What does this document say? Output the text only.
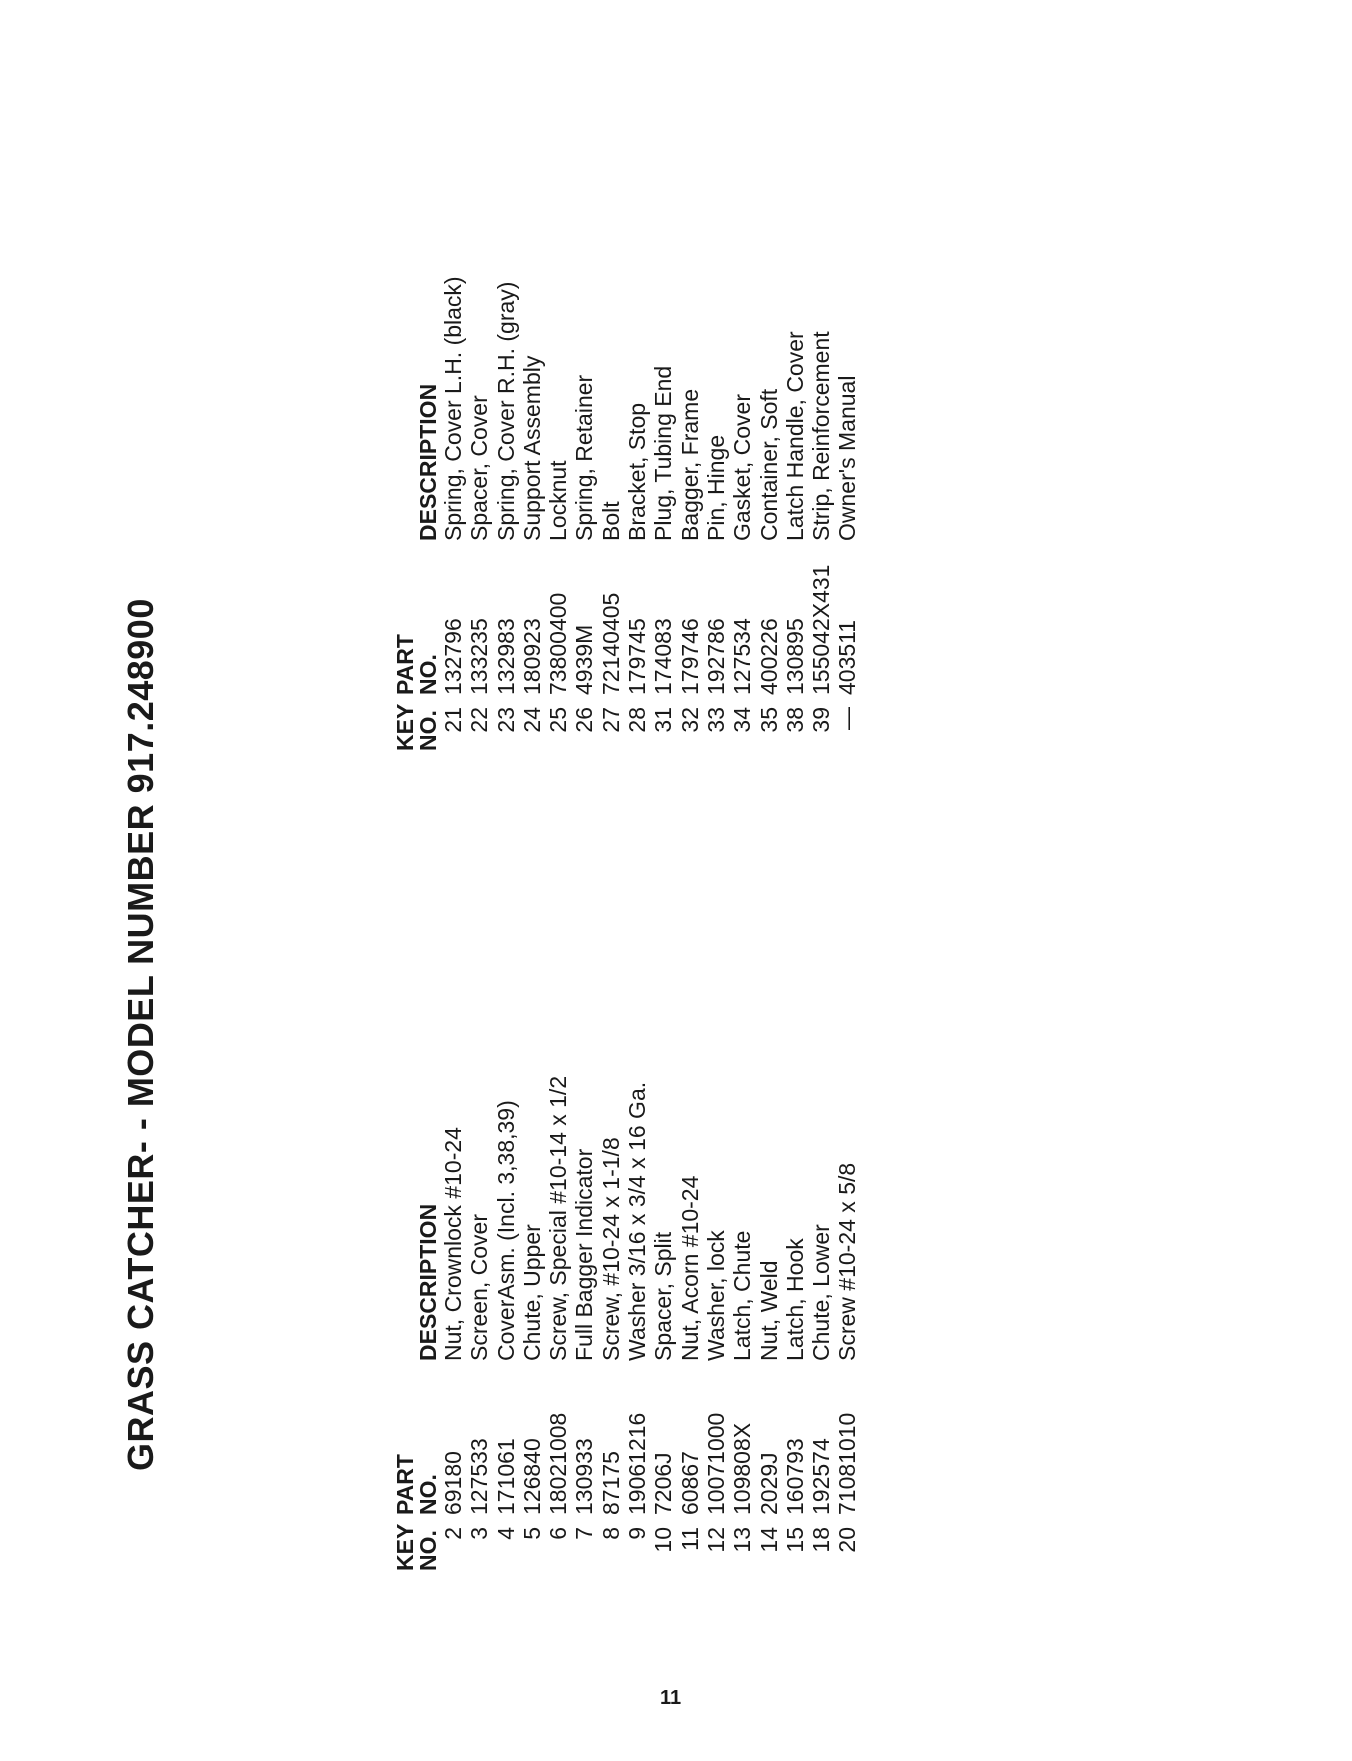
GRASS CATCHER- - MODEL NUMBER 917.248900
KEY
NO.
PART
NO.
DESCRIPTION
2
69180
Nut, Crownlock #10-24
3
127533
Screen, Cover
4
171061
CoverAsm. (Incl. 3,38,39)
5
126840
Chute, Upper
6
18021008
Screw, Special #10-14 x 1/2
7
130933
Full Bagger Indicator
8
87175
Screw, #10-24 x 1-1/8
9
19061216
Washer 3/16 x 3/4 x 16 Ga.
10
7206J
Spacer, Split
11
60867
Nut, Acorn #10-24
12
10071000
Washer, lock
13
109808X
Latch, Chute
14
2029J
Nut, Weld
15
160793
Latch, Hook
18
192574
Chute, Lower
20
71081010
Screw #10-24 x 5/8
KEY
NO.
PART
NO.
DESCRIPTION
21
132796
Spring, Cover L.H. (black)
22
133235
Spacer, Cover
23
132983
Spring, Cover R.H. (gray)
24
180923
Support Assembly
25
73800400
Locknut
26
4939M
Spring, Retainer
27
72140405
Bolt
28
179745
Bracket, Stop
31
174083
Plug, Tubing End
32
179746
Bagger, Frame
33
192786
Pin, Hinge
34
127534
Gasket, Cover
35
400226
Container, Soft
38
130895
Latch Handle, Cover
39
155042X431
Strip, Reinforcement
—
403511
Owner's Manual
11
